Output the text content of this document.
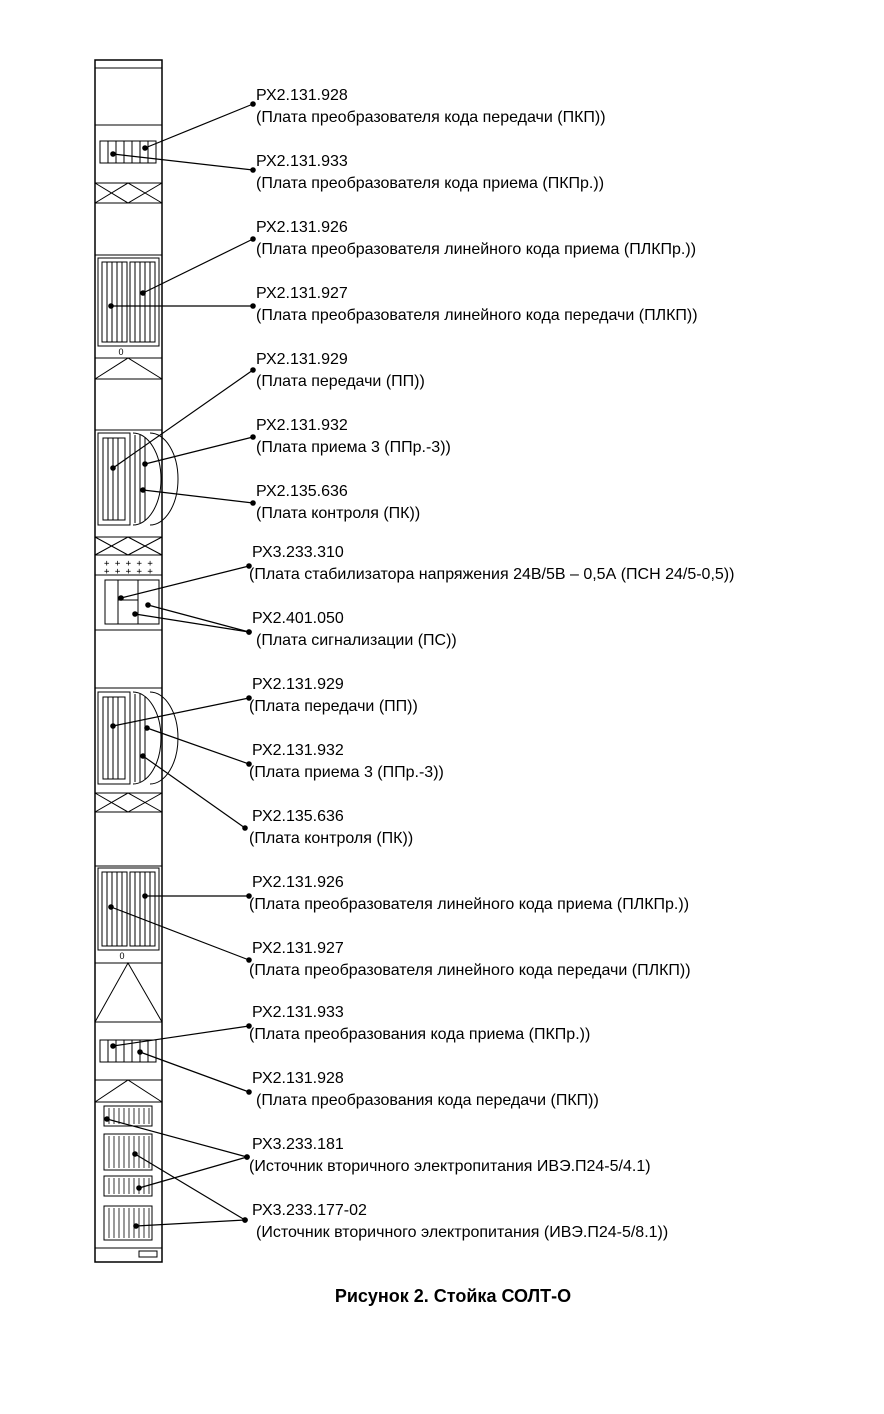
+ + + + +
+ + + + +
0
0
Рисунок 2. Стойка СОЛТ-О
РХ2.131.928
(Плата преобразователя кода передачи (ПКП))
РХ2.131.933
(Плата преобразователя кода приема (ПКПр.))
РХ2.131.926
(Плата преобразователя линейного кода приема (ПЛКПр.))
РХ2.131.927
(Плата преобразователя линейного кода передачи (ПЛКП))
РХ2.131.929
(Плата передачи (ПП))
РХ2.131.932
(Плата приема 3 (ППр.-3))
РХ2.135.636
(Плата контроля (ПК))
РХ3.233.310
(Плата стабилизатора напряжения 24В/5В – 0,5А (ПСН 24/5-0,5))
РХ2.401.050
(Плата сигнализации (ПС))
РХ2.131.929
(Плата передачи (ПП))
РХ2.131.932
(Плата приема 3 (ППр.-3))
РХ2.135.636
(Плата контроля (ПК))
РХ2.131.926
(Плата преобразователя линейного кода приема (ПЛКПр.))
РХ2.131.927
(Плата преобразователя линейного кода передачи (ПЛКП))
РХ2.131.933
(Плата преобразования кода приема (ПКПр.))
РХ2.131.928
(Плата преобразования кода передачи (ПКП))
РХ3.233.181
(Источник вторичного электропитания ИВЭ.П24-5/4.1)
РХ3.233.177-02
(Источник вторичного электропитания (ИВЭ.П24-5/8.1))
